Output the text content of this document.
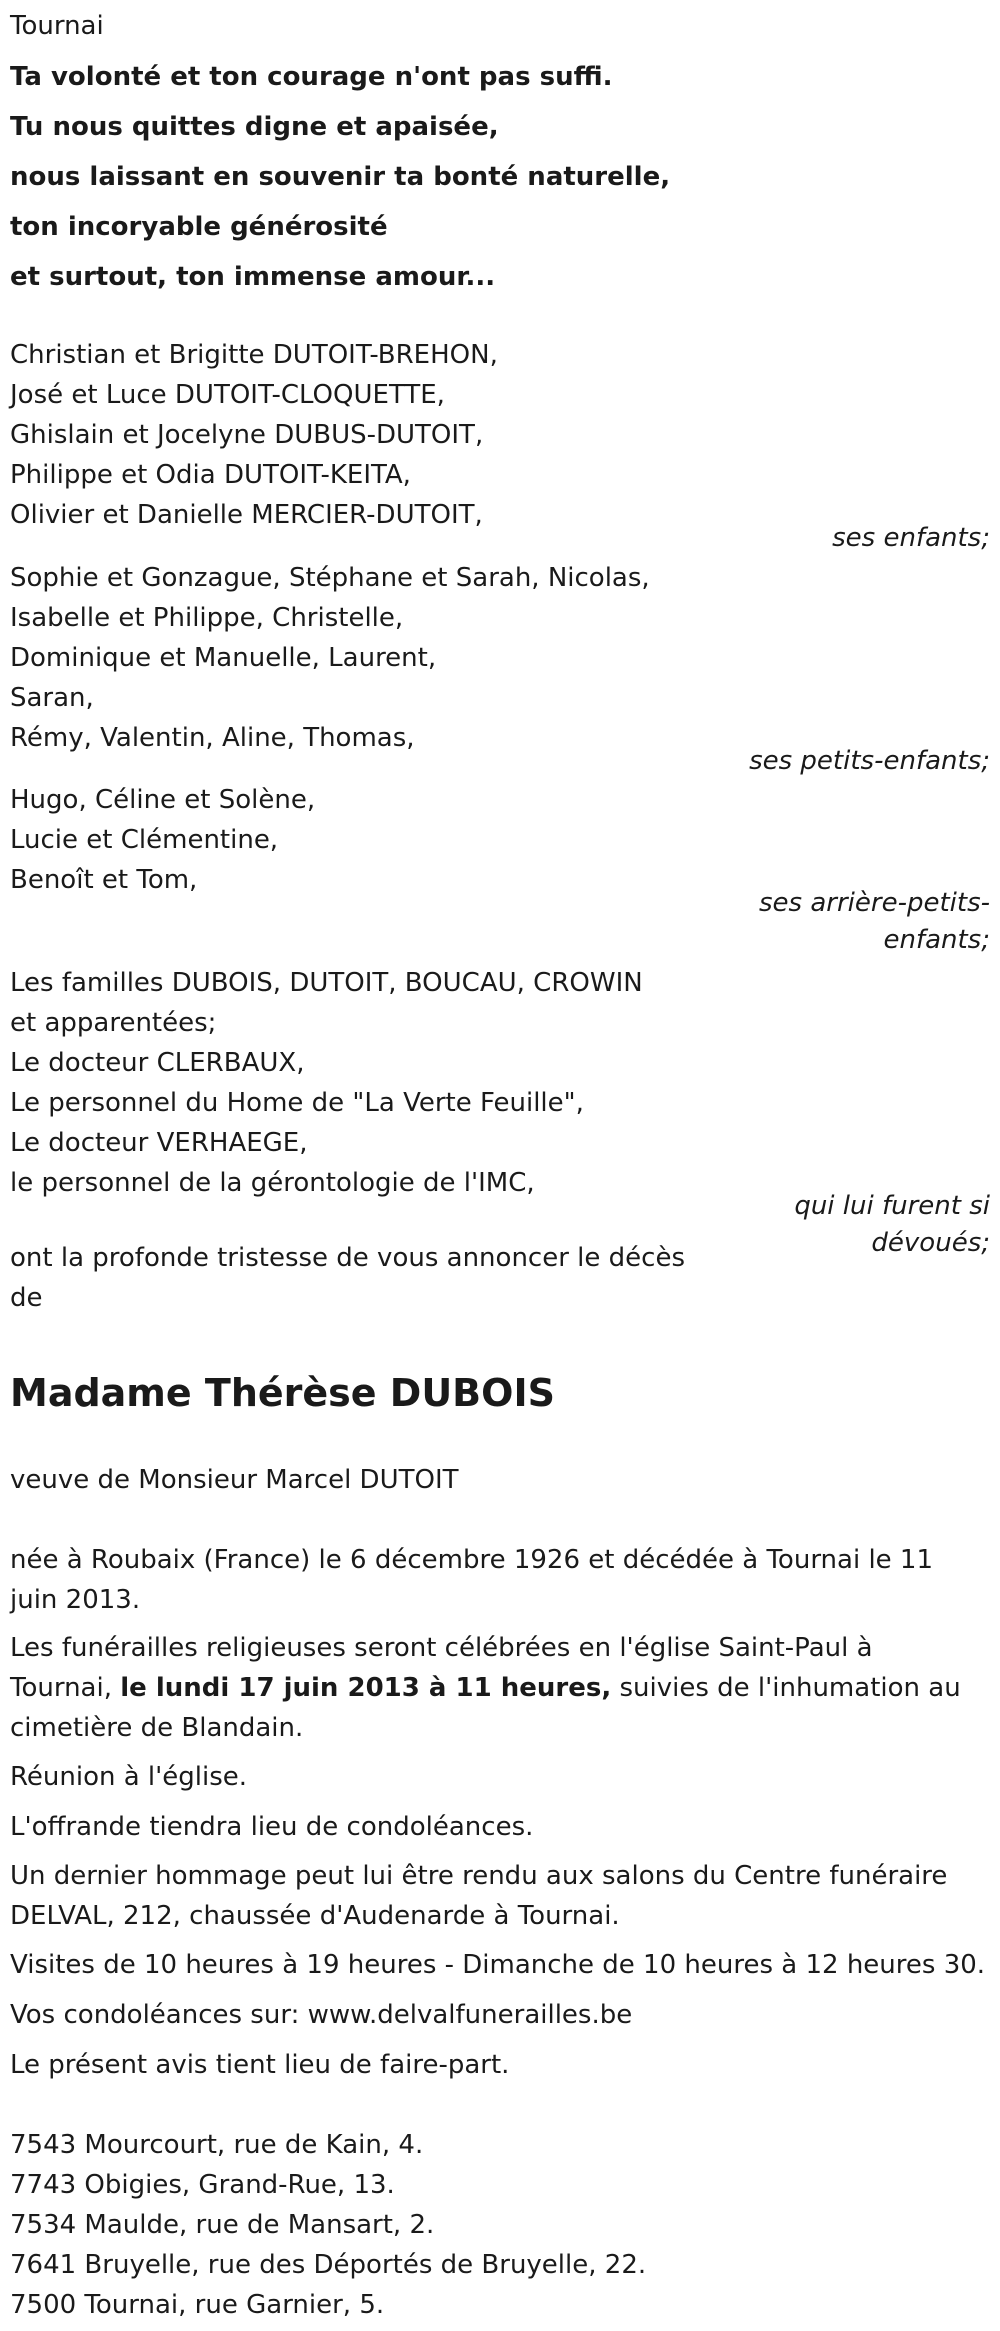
Tournai
Ta volonté et ton courage n'ont pas suffi.
Tu nous quittes digne et apaisée,
nous laissant en souvenir ta bonté naturelle,
ton incoryable générosité
et surtout, ton immense amour...
Christian et Brigitte DUTOIT-BREHON,
José et Luce DUTOIT-CLOQUETTE,
Ghislain et Jocelyne DUBUS-DUTOIT,
Philippe et Odia DUTOIT-KEITA,
Olivier et Danielle MERCIER-DUTOIT,
ses enfants;
Sophie et Gonzague, Stéphane et Sarah, Nicolas,
Isabelle et Philippe, Christelle,
Dominique et Manuelle, Laurent,
Saran,
Rémy, Valentin, Aline, Thomas,
ses petits-enfants;
Hugo, Céline et Solène,
Lucie et Clémentine,
Benoît et Tom,
ses arrière-petits-
enfants;
Les familles DUBOIS, DUTOIT, BOUCAU, CROWIN
et apparentées;
Le docteur CLERBAUX,
Le personnel du Home de "La Verte Feuille",
Le docteur VERHAEGE,
le personnel de la gérontologie de l'IMC,
qui lui furent si
dévoués;
ont la profonde tristesse de vous annoncer le décès
de
Madame Thérèse DUBOIS
veuve de Monsieur Marcel DUTOIT
née à Roubaix (France) le 6 décembre 1926 et décédée à Tournai le 11
juin 2013.
Les funérailles religieuses seront célébrées en l'église Saint-Paul à
Tournai, le lundi 17 juin 2013 à 11 heures, suivies de l'inhumation au
cimetière de Blandain.
Réunion à l'église.
L'offrande tiendra lieu de condoléances.
Un dernier hommage peut lui être rendu aux salons du Centre funéraire
DELVAL, 212, chaussée d'Audenarde à Tournai.
Visites de 10 heures à 19 heures - Dimanche de 10 heures à 12 heures 30.
Vos condoléances sur: www.delvalfunerailles.be
Le présent avis tient lieu de faire-part.
7543 Mourcourt, rue de Kain, 4.
7743 Obigies, Grand-Rue, 13.
7534 Maulde, rue de Mansart, 2.
7641 Bruyelle, rue des Déportés de Bruyelle, 22.
7500 Tournai, rue Garnier, 5.
